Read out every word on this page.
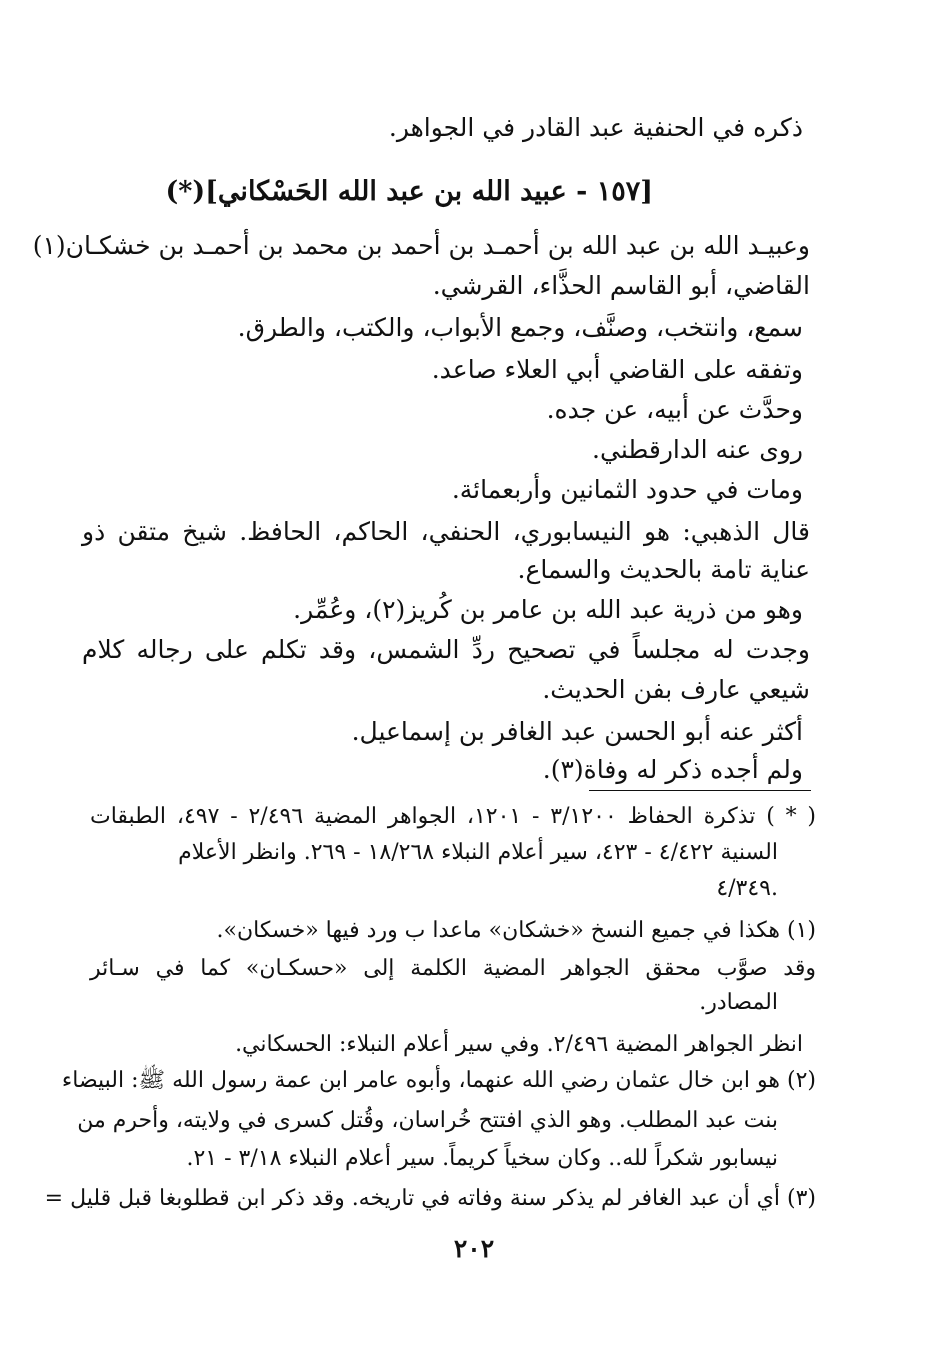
ذكره في الحنفية عبد القادر في الجواهر.
[١٥٧ - عبيد الله بن عبد الله الحَسْكاني](*)
وعبيـد الله بن عبد الله بن أحمـد بن أحمد بن محمد بن أحمـد بن خشكـان(١)
القاضي، أبو القاسم الحذَّاء، القرشي.
سمع، وانتخب، وصنَّف، وجمع الأبواب، والكتب، والطرق.
وتفقه على القاضي أبي العلاء صاعد.
وحدَّث عن أبيه، عن جده.
روى عنه الدارقطني.
ومات في حدود الثمانين وأربعمائة.
قال الذهبي: هو النيسابوري، الحنفي، الحاكم، الحافظ. شيخ متقن ذو
عناية تامة بالحديث والسماع.
وهو من ذرية عبد الله بن عامر بن كُريز(٢)، وعُمِّر.
وجدت له مجلساً في تصحيح ردِّ الشمس، وقد تكلم على رجاله كلام
شيعي عارف بفن الحديث.
أكثر عنه أبو الحسن عبد الغافر بن إسماعيل.
ولم أجده ذكر له وفاة(٣).
( * ) تذكرة الحفاظ ٣/١٢٠٠ - ١٢٠١، الجواهر المضية ٢/٤٩٦ - ٤٩٧، الطبقات
السنية ٤/٤٢٢ - ٤٢٣، سير أعلام النبلاء ١٨/٢٦٨ - ٢٦٩. وانظر الأعلام
٤/٣٤٩.
(١) هكذا في جميع النسخ «خشكان» ماعدا ب ورد فيها «خسكان».
وقد صوَّب محقق الجواهر المضية الكلمة إلى «حسكـان» كما في سـائر
المصادر.
انظر الجواهر المضية ٢/٤٩٦. وفي سير أعلام النبلاء: الحسكاني.
(٢) هو ابن خال عثمان رضي الله عنهما، وأبوه عامر ابن عمة رسول الله ﷺ: البيضاء
بنت عبد المطلب. وهو الذي افتتح خُراسان، وقُتل كسرى في ولايته، وأحرم من
نيسابور شكراً لله.. وكان سخياً كريماً. سير أعلام النبلاء ٣/١٨ - ٢١.
(٣) أي أن عبد الغافر لم يذكر سنة وفاته في تاريخه. وقد ذكر ابن قطلوبغا قبل قليل =
٢٠٢
